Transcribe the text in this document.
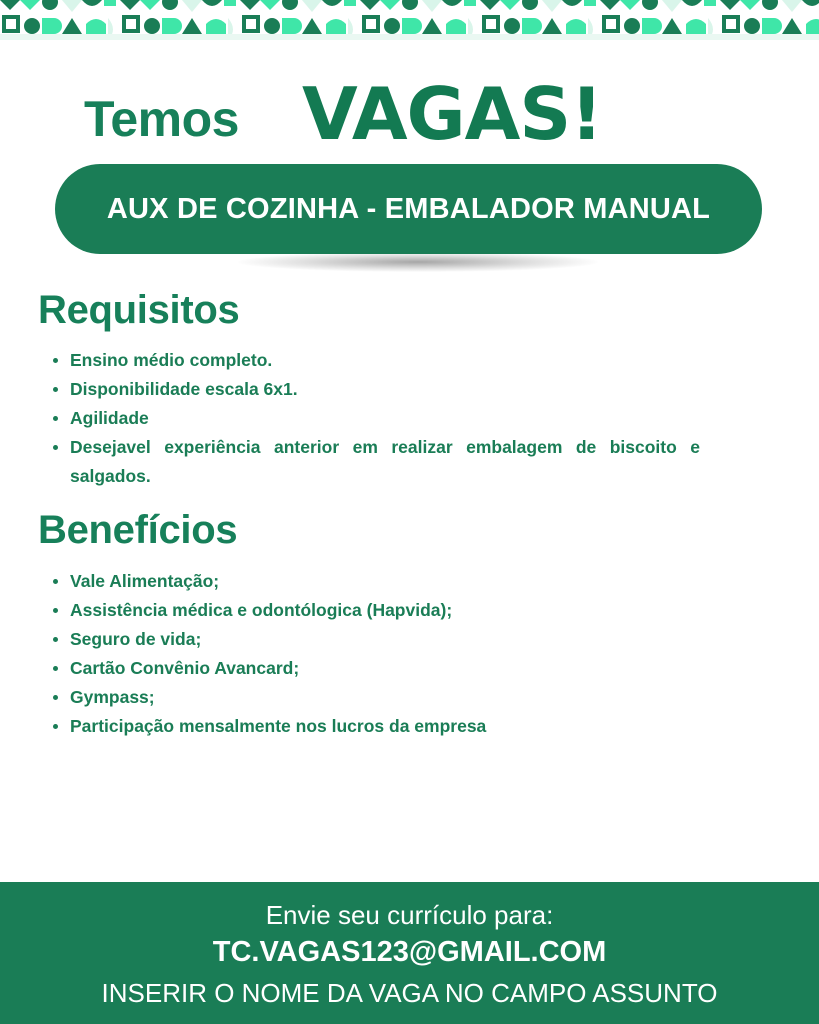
Temos VAGAS!
AUX DE COZINHA - EMBALADOR MANUAL
Requisitos
Ensino médio completo.
Disponibilidade escala 6x1.
Agilidade
Desejavel experiência anterior em realizar embalagem de biscoito e salgados.
Benefícios
Vale Alimentação;
Assistência médica e odontólogica (Hapvida);
Seguro de vida;
Cartão Convênio Avancard;
Gympass;
Participação mensalmente nos lucros da empresa
Envie seu currículo para:
TC.VAGAS123@GMAIL.COM
INSERIR O NOME DA VAGA NO CAMPO ASSUNTO
